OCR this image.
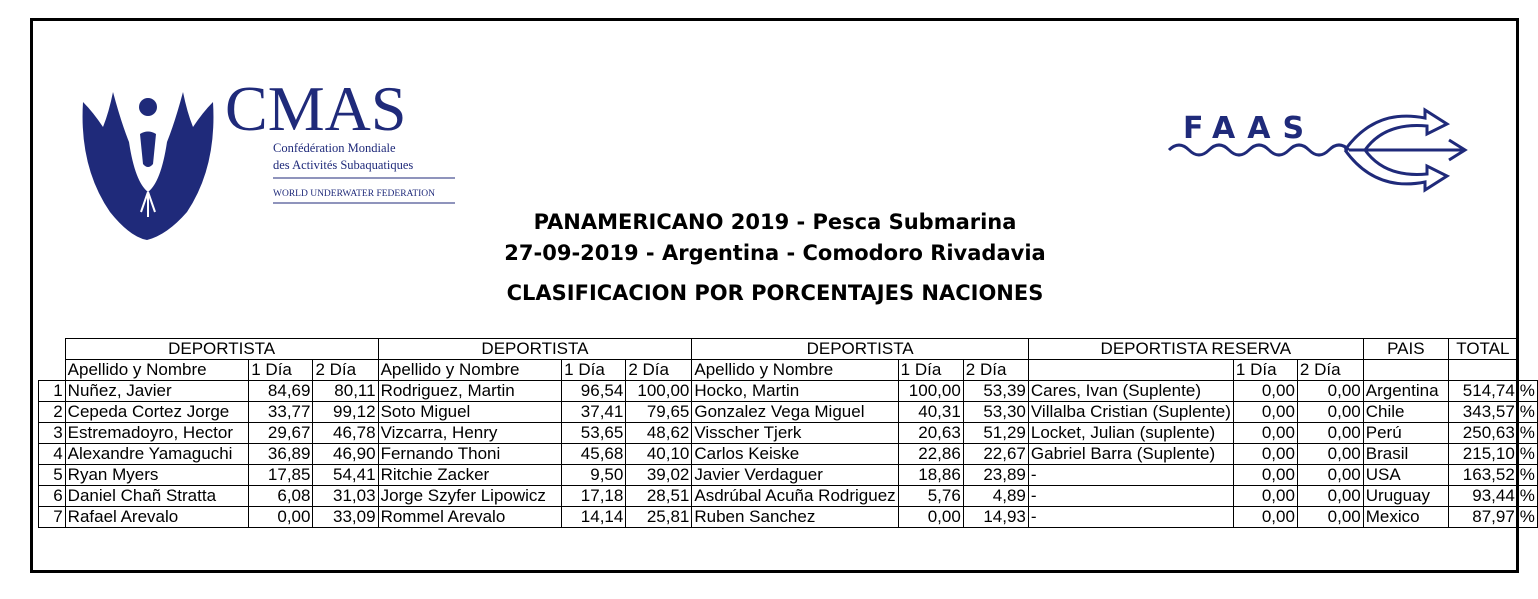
CMAS
Confédération Mondiale
des Activités Subaquatiques
WORLD UNDERWATER FEDERATION
FAAS
PANAMERICANO 2019 - Pesca Submarina
27-09-2019 - Argentina - Comodoro Rivadavia
CLASIFICACION POR PORCENTAJES NACIONES
	DEPORTISTA			DEPORTISTA			DEPORTISTA			DEPORTISTA RESERVA			PAIS	TOTAL	
	Apellido y Nombre	1 Día	2 Día	Apellido y Nombre	1 Día	2 Día	Apellido y Nombre	1 Día	2 Día		1 Día	2 Día			
1	Nuñez, Javier	84,69	80,11	Rodriguez, Martin	96,54	100,00	Hocko, Martin	100,00	53,39	Cares, Ivan (Suplente)	0,00	0,00	Argentina	514,74	%
2	Cepeda Cortez Jorge	33,77	99,12	Soto Miguel	37,41	79,65	Gonzalez Vega Miguel	40,31	53,30	Villalba Cristian (Suplente)	0,00	0,00	Chile	343,57	%
3	Estremadoyro, Hector	29,67	46,78	Vizcarra, Henry	53,65	48,62	Visscher Tjerk	20,63	51,29	Locket, Julian (suplente)	0,00	0,00	Perú	250,63	%
4	Alexandre Yamaguchi	36,89	46,90	Fernando Thoni	45,68	40,10	Carlos Keiske	22,86	22,67	Gabriel Barra (Suplente)	0,00	0,00	Brasil	215,10	%
5	Ryan Myers	17,85	54,41	Ritchie Zacker	9,50	39,02	Javier Verdaguer	18,86	23,89	-	0,00	0,00	USA	163,52	%
6	Daniel Chañ Stratta	6,08	31,03	Jorge Szyfer Lipowicz	17,18	28,51	Asdrúbal Acuña Rodriguez	5,76	4,89	-	0,00	0,00	Uruguay	93,44	%
7	Rafael Arevalo	0,00	33,09	Rommel Arevalo	14,14	25,81	Ruben Sanchez	0,00	14,93	-	0,00	0,00	Mexico	87,97	%
